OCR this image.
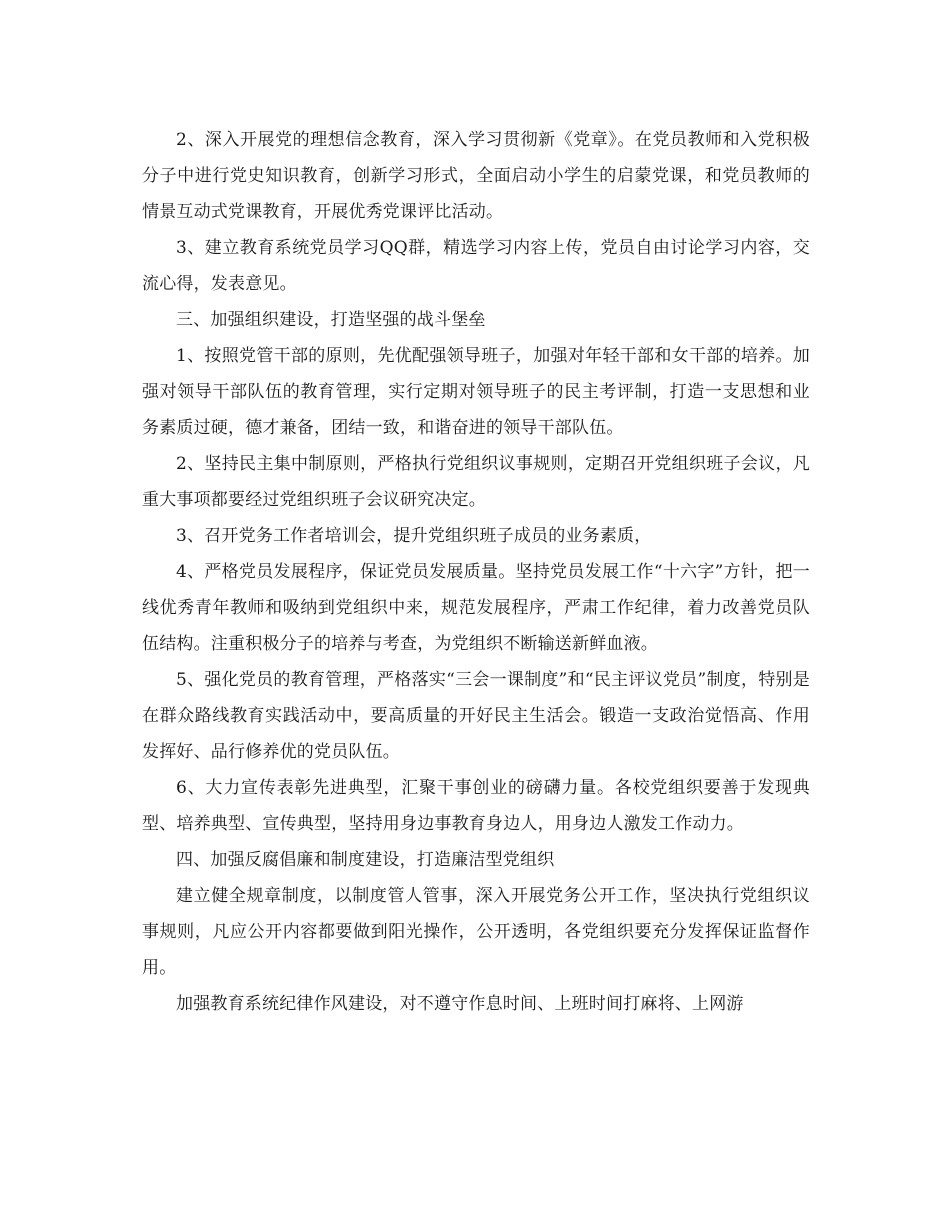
2、深入开展党的理想信念教育，深入学习贯彻新《党章》。在党员教师和入党积极分子中进行党史知识教育，创新学习形式，全面启动小学生的启蒙党课，和党员教师的情景互动式党课教育，开展优秀党课评比活动。

3、建立教育系统党员学习QQ群，精选学习内容上传，党员自由讨论学习内容，交流心得，发表意见。

三、加强组织建设，打造坚强的战斗堡垒

1、按照党管干部的原则，先优配强领导班子，加强对年轻干部和女干部的培养。加强对领导干部队伍的教育管理，实行定期对领导班子的民主考评制，打造一支思想和业务素质过硬，德才兼备，团结一致，和谐奋进的领导干部队伍。

2、坚持民主集中制原则，严格执行党组织议事规则，定期召开党组织班子会议，凡重大事项都要经过党组织班子会议研究决定。

3、召开党务工作者培训会，提升党组织班子成员的业务素质，

4、严格党员发展程序，保证党员发展质量。坚持党员发展工作“十六字”方针，把一线优秀青年教师和吸纳到党组织中来，规范发展程序，严肃工作纪律，着力改善党员队伍结构。注重积极分子的培养与考查，为党组织不断输送新鲜血液。

5、强化党员的教育管理，严格落实“三会一课制度”和“民主评议党员”制度，特别是在群众路线教育实践活动中，要高质量的开好民主生活会。锻造一支政治觉悟高、作用发挥好、品行修养优的党员队伍。

6、大力宣传表彰先进典型，汇聚干事创业的磅礴力量。各校党组织要善于发现典型、培养典型、宣传典型，坚持用身边事教育身边人，用身边人激发工作动力。

四、加强反腐倡廉和制度建设，打造廉洁型党组织

建立健全规章制度，以制度管人管事，深入开展党务公开工作，坚决执行党组织议事规则，凡应公开内容都要做到阳光操作，公开透明，各党组织要充分发挥保证监督作用。

加强教育系统纪律作风建设，对不遵守作息时间、上班时间打麻将、上网游
